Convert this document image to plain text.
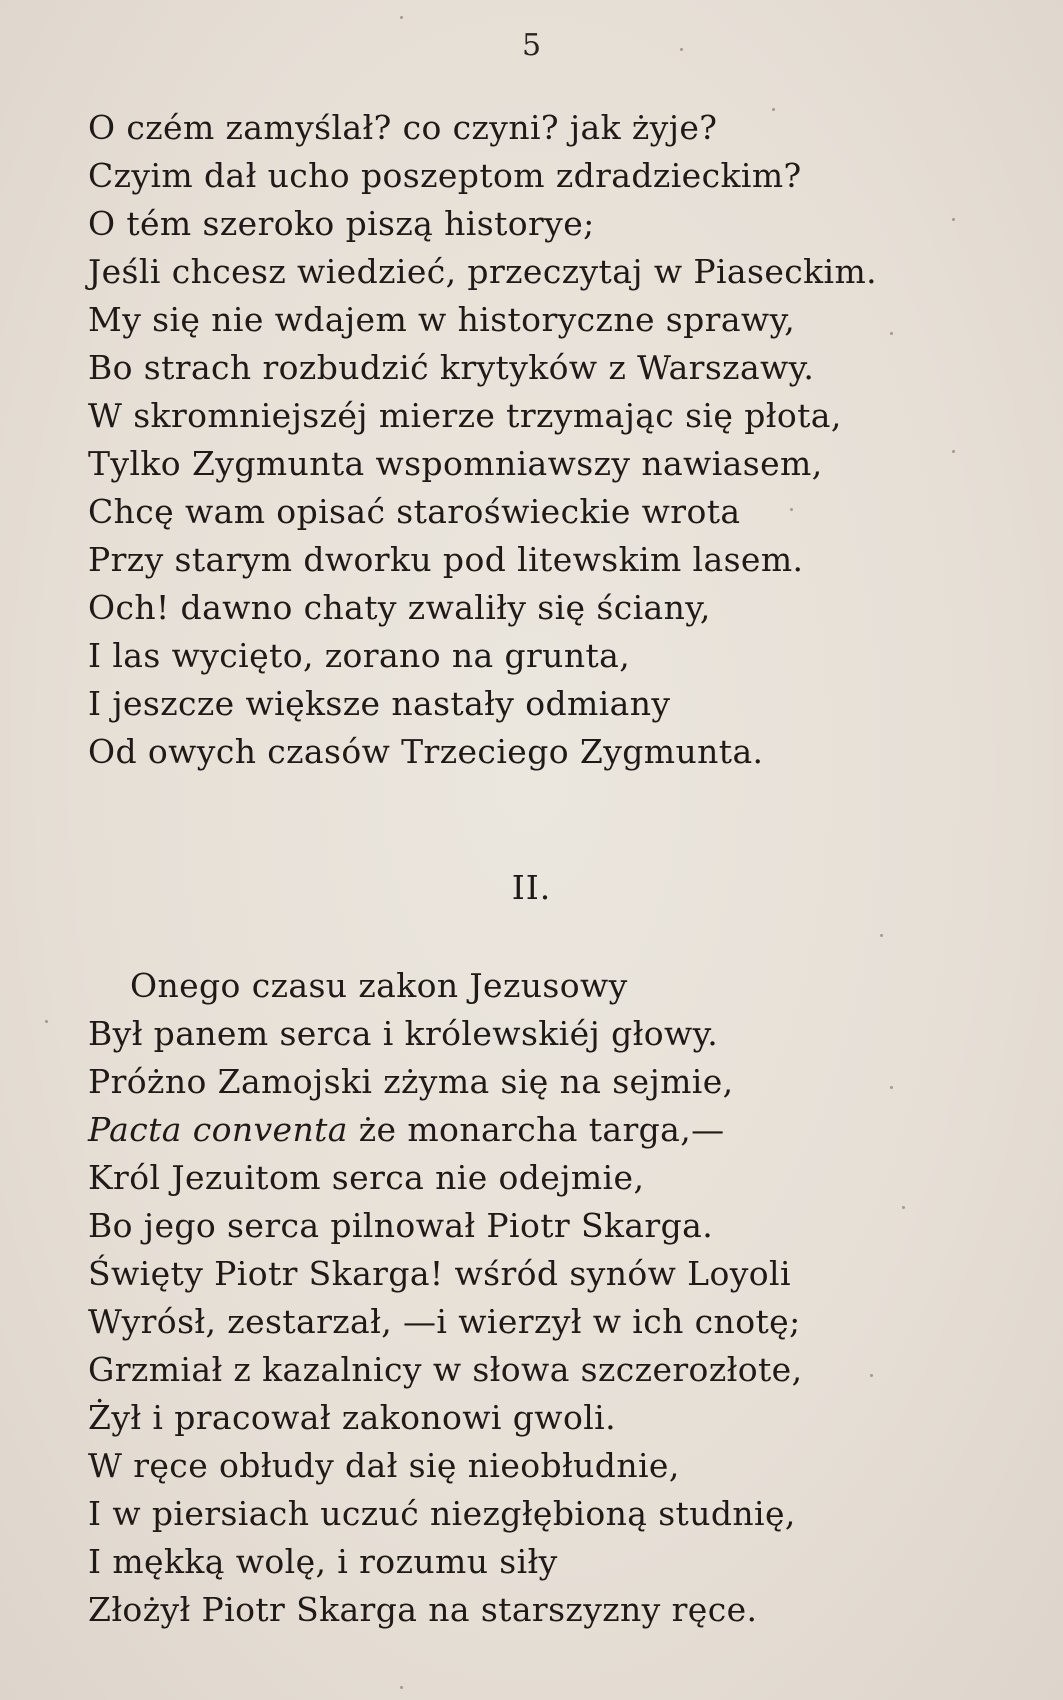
5
O czém zamyślał? co czyni? jak żyje?
Czyim dał ucho poszeptom zdradzieckim?
O tém szeroko piszą historye;
Jeśli chcesz wiedzieć, przeczytaj w Piaseckim.
My się nie wdajem w historyczne sprawy,
Bo strach rozbudzić krytyków z Warszawy.
W skromniejszéj mierze trzymając się płota,
Tylko Zygmunta wspomniawszy nawiasem,
Chcę wam opisać staroświeckie wrota
Przy starym dworku pod litewskim lasem.
Och! dawno chaty zwaliły się ściany,
I las wycięto, zorano na grunta,
I jeszcze większe nastały odmiany
Od owych czasów Trzeciego Zygmunta.
II.
Onego czasu zakon Jezusowy
Był panem serca i królewskiéj głowy.
Próżno Zamojski zżyma się na sejmie,
Pacta conventa że monarcha targa,—
Król Jezuitom serca nie odejmie,
Bo jego serca pilnował Piotr Skarga.
Święty Piotr Skarga! wśród synów Loyoli
Wyrósł, zestarzał, —i wierzył w ich cnotę;
Grzmiał z kazalnicy w słowa szczerozłote,
Żył i pracował zakonowi gwoli.
W ręce obłudy dał się nieobłudnie,
I w piersiach uczuć niezgłębioną studnię,
I mękką wolę, i rozumu siły
Złożył Piotr Skarga na starszyzny ręce.
